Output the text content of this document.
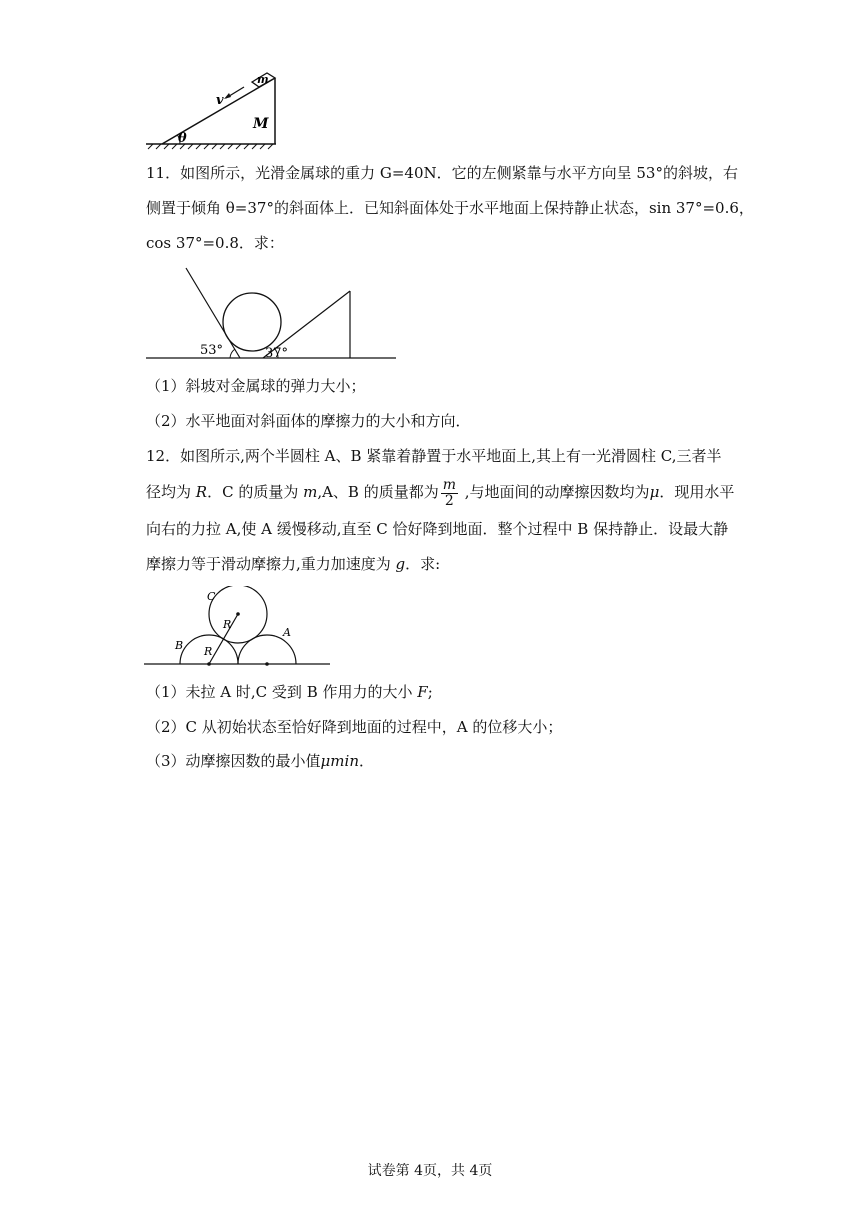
m
v
M
θ
11．如图所示，光滑金属球的重力 G=40N．它的左侧紧靠与水平方向呈 53°的斜坡，右
侧置于倾角 θ=37°的斜面体上．已知斜面体处于水平地面上保持静止状态，sin 37°=0.6，
cos 37°=0.8．求：
53°	37°
（1）斜坡对金属球的弹力大小；
（2）水平地面对斜面体的摩擦力的大小和方向．
12．如图所示,两个半圆柱 A、B 紧靠着静置于水平地面上,其上有一光滑圆柱 C,三者半
径均为 R．C 的质量为 m,A、B 的质量都为 $\frac{m}{2}$ ,与地面间的动摩擦因数均为μ．现用水平
向右的力拉 A,使 A 缓慢移动,直至 C 恰好降到地面．整个过程中 B 保持静止．设最大静
摩擦力等于滑动摩擦力,重力加速度为 g．求:
C
R
R
B
A
（1）未拉 A 时,C 受到 B 作用力的大小 F;
（2）C 从初始状态至恰好降到地面的过程中，A 的位移大小；
（3）动摩擦因数的最小值μmin．
试卷第 4页，共 4页
